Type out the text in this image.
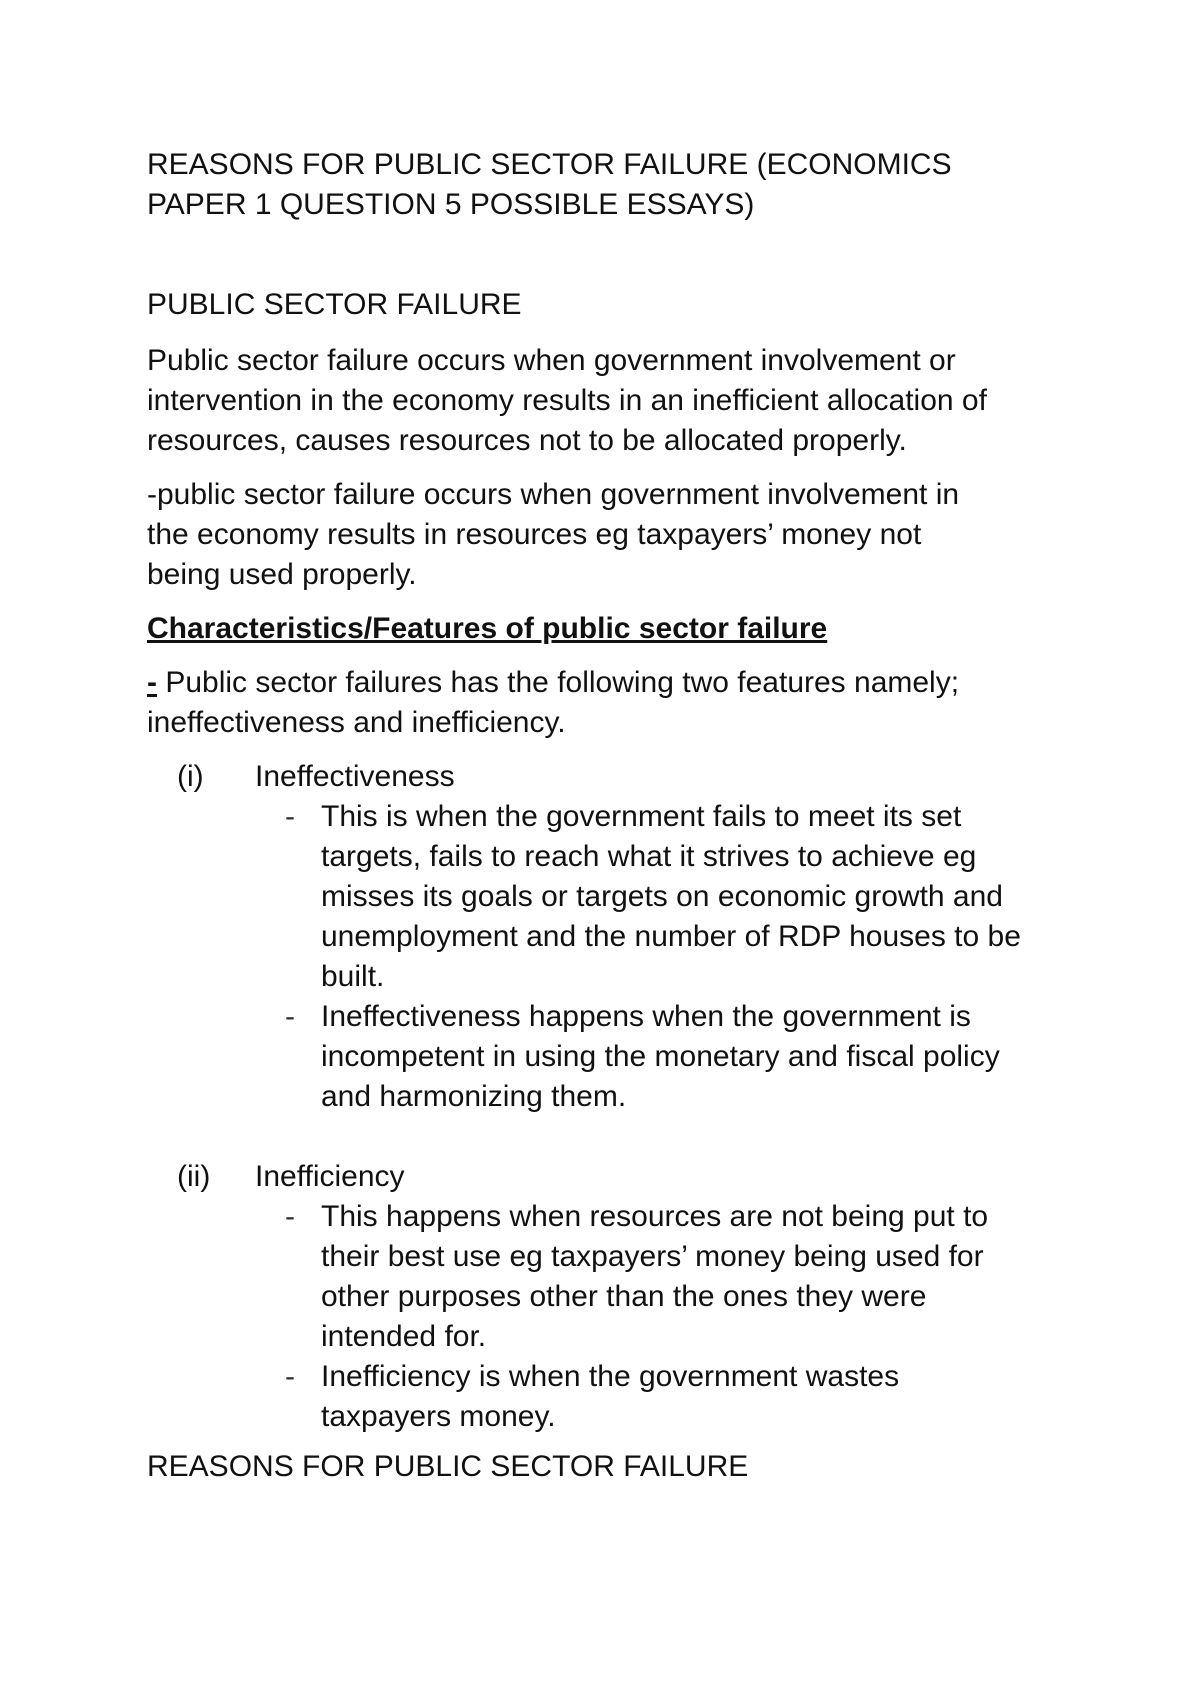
REASONS FOR PUBLIC SECTOR FAILURE (ECONOMICS
PAPER 1 QUESTION 5 POSSIBLE ESSAYS)
PUBLIC SECTOR FAILURE
Public sector failure occurs when government involvement or
intervention in the economy results in an inefficient allocation of
resources, causes resources not to be allocated properly.
-public sector failure occurs when government involvement in
the economy results in resources eg taxpayers’ money not
being used properly.
Characteristics/Features of public sector failure
- Public sector failures has the following two features namely;
ineffectiveness and inefficiency.
(i)	Ineffectiveness
- This is when the government fails to meet its set
targets, fails to reach what it strives to achieve eg
misses its goals or targets on economic growth and
unemployment and the number of RDP houses to be
built.
- Ineffectiveness happens when the government is
incompetent in using the monetary and fiscal policy
and harmonizing them.
(ii)	Inefficiency
- This happens when resources are not being put to
their best use eg taxpayers’ money being used for
other purposes other than the ones they were
intended for.
- Inefficiency is when the government wastes
taxpayers money.
REASONS FOR PUBLIC SECTOR FAILURE
